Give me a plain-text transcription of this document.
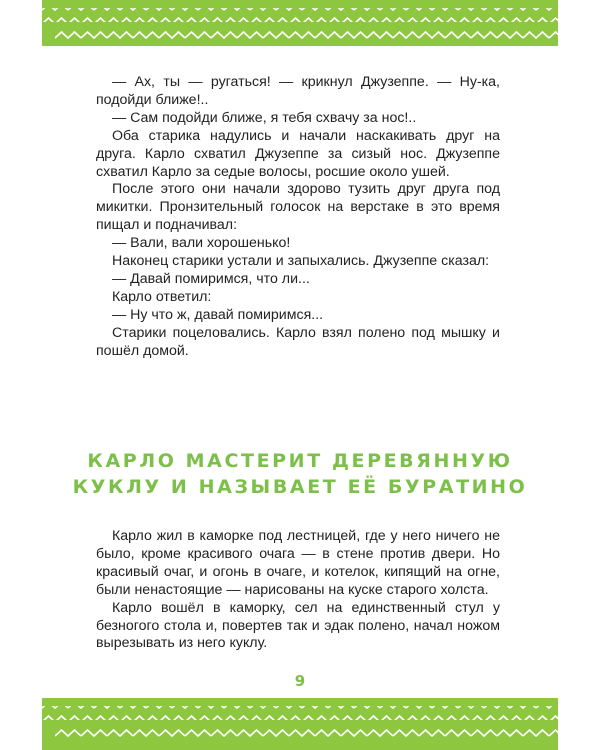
— Ах, ты — ругаться! — крикнул Джузеппе. — Ну-ка, подойди ближе!..

— Сам подойди ближе, я тебя схвачу за нос!..

Оба старика надулись и начали наскакивать друг на друга. Карло схватил Джузеппе за сизый нос. Джузеппе схватил Карло за седые волосы, росшие около ушей.

После этого они начали здорово тузить друг друга под микитки. Пронзительный голосок на верстаке в это время пищал и подначивал:

— Вали, вали хорошенько!

Наконец старики устали и запыхались. Джузеппе сказал:

— Давай помиримся, что ли...

Карло ответил:

— Ну что ж, давай помиримся...

Старики поцеловались. Карло взял полено под мышку и пошёл домой.

КАРЛО МАСТЕРИТ ДЕРЕВЯННУЮ
КУКЛУ И НАЗЫВАЕТ ЕЁ БУРАТИНО

Карло жил в каморке под лестницей, где у него ничего не было, кроме красивого очага — в стене против двери. Но красивый очаг, и огонь в очаге, и котелок, кипящий на огне, были ненастоящие — нарисованы на куске старого холста.

Карло вошёл в каморку, сел на единственный стул у безногого стола и, повертев так и эдак полено, начал ножом вырезывать из него куклу.

9
